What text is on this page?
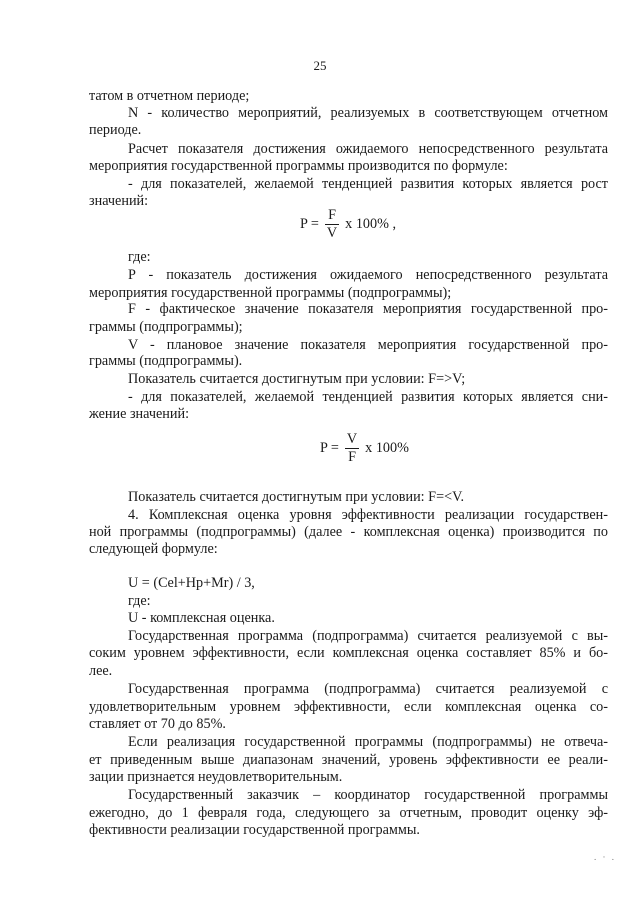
25
татом в отчетном периоде;
N - количество мероприятий, реализуемых в соответствующем отчетном
периоде.
Расчет показателя достижения ожидаемого непосредственного результата
мероприятия государственной программы производится по формуле:
- для показателей, желаемой тенденцией развития которых является рост
значений:
где:
P - показатель достижения ожидаемого непосредственного результата
мероприятия государственной программы (подпрограммы);
F - фактическое значение показателя мероприятия государственной про-
граммы (подпрограммы);
V - плановое значение показателя мероприятия государственной про-
граммы (подпрограммы).
Показатель считается достигнутым при условии: F=>V;
- для показателей, желаемой тенденцией развития которых является сни-
жение значений:
Показатель считается достигнутым при условии: F=<V.
4. Комплексная оценка уровня эффективности реализации государствен-
ной программы (подпрограммы) (далее - комплексная оценка) производится по
следующей формуле:
U = (Cel+Hp+Mr) / 3,
где:
U - комплексная оценка.
Государственная программа (подпрограмма) считается реализуемой с вы-
соким уровнем эффективности, если комплексная оценка составляет 85% и бо-
лее.
Государственная программа (подпрограмма) считается реализуемой с
удовлетворительным уровнем эффективности, если комплексная оценка со-
ставляет от 70 до 85%.
Если реализация государственной программы (подпрограммы) не отвеча-
ет приведенным выше диапазонам значений, уровень эффективности ее реали-
зации признается неудовлетворительным.
Государственный заказчик – координатор государственной программы
ежегодно, до 1 февраля года, следующего за отчетным, проводит оценку эф-
фективности реализации государственной программы.
$P = \frac{F}{V}$ x 100% ,
$P = \frac{V}{F}$ x 100%
. · .
